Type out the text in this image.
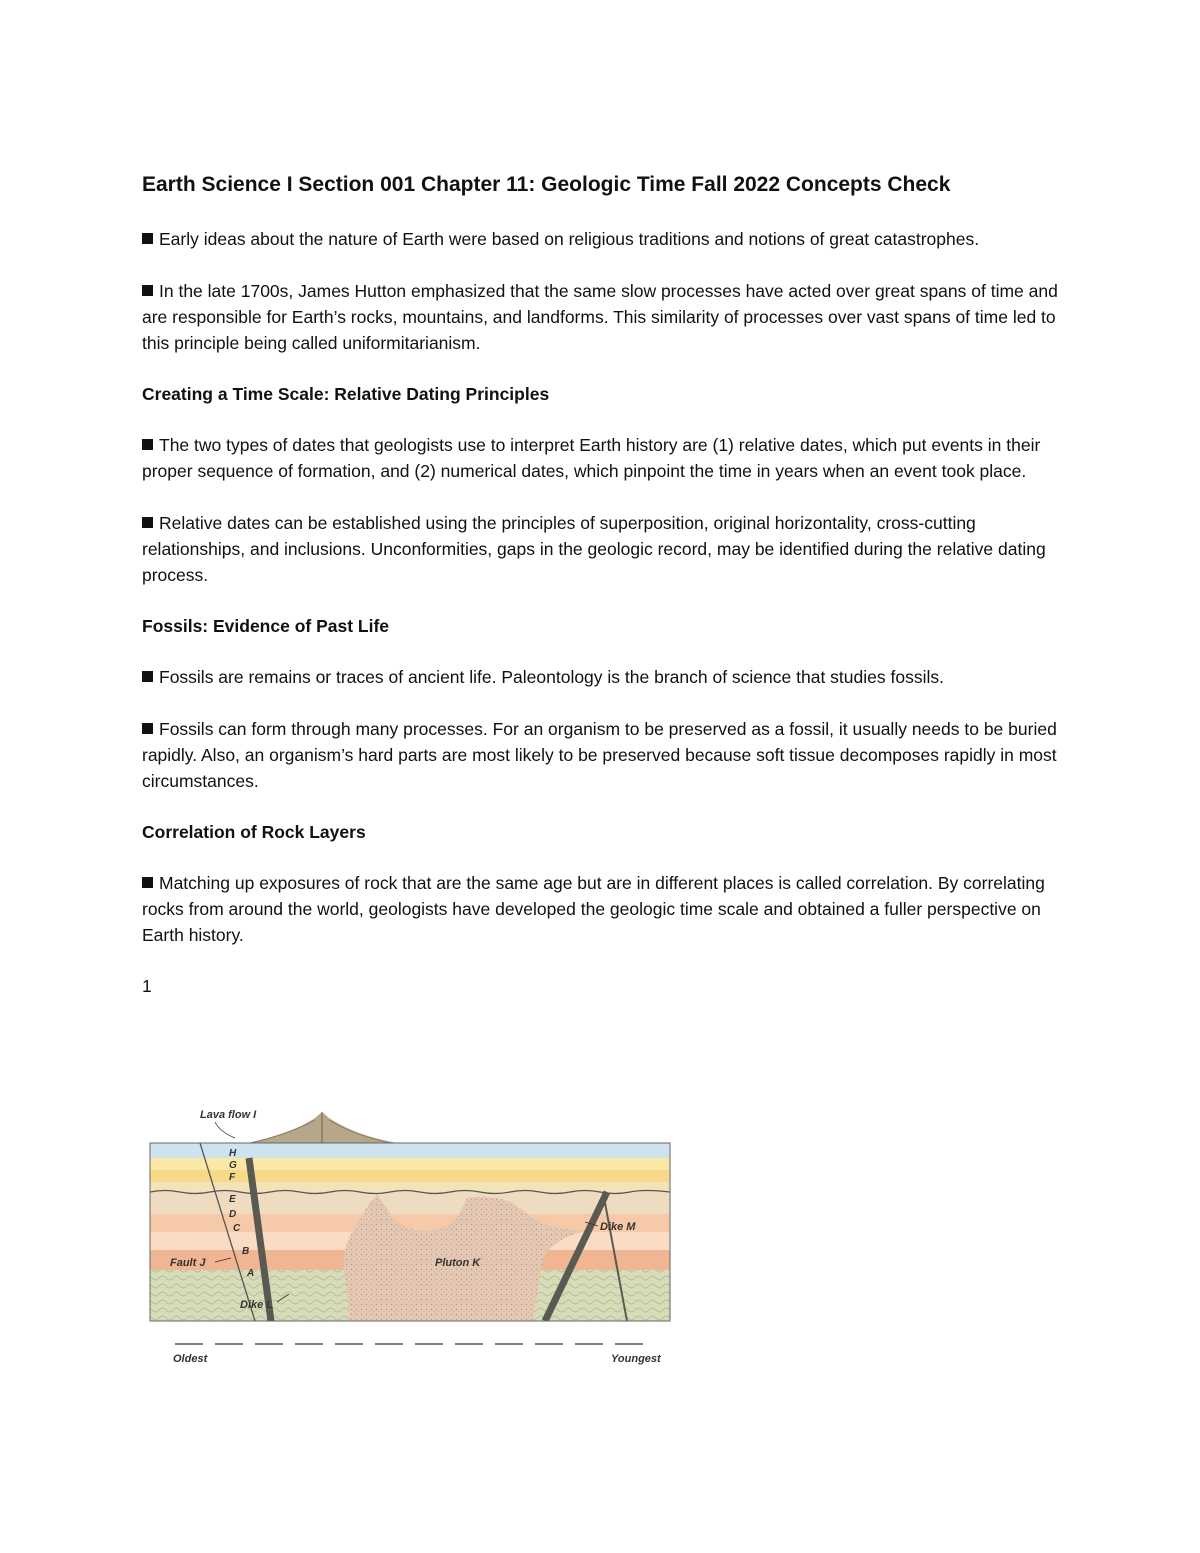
Earth Science I Section 001 Chapter 11: Geologic Time Fall 2022 Concepts Check

Early ideas about the nature of Earth were based on religious traditions and notions of great catastrophes.

In the late 1700s, James Hutton emphasized that the same slow processes have acted over great spans of time and are responsible for Earth’s rocks, mountains, and landforms. This similarity of processes over vast spans of time led to this principle being called uniformitarianism.

Creating a Time Scale: Relative Dating Principles

The two types of dates that geologists use to interpret Earth history are (1) relative dates, which put events in their proper sequence of formation, and (2) numerical dates, which pinpoint the time in years when an event took place.

Relative dates can be established using the principles of superposition, original horizontality, cross-cutting relationships, and inclusions. Unconformities, gaps in the geologic record, may be identified during the relative dating process.

Fossils: Evidence of Past Life

Fossils are remains or traces of ancient life. Paleontology is the branch of science that studies fossils.

Fossils can form through many processes. For an organism to be preserved as a fossil, it usually needs to be buried rapidly. Also, an organism’s hard parts are most likely to be preserved because soft tissue decomposes rapidly in most circumstances.

Correlation of Rock Layers

Matching up exposures of rock that are the same age but are in different places is called correlation. By correlating rocks from around the world, geologists have developed the geologic time scale and obtained a fuller perspective on Earth history.

1
Lava flow I
H
G
F
E
D
C
B
A
Fault J
Dike L
Pluton K
Dike M
Oldest	Youngest
